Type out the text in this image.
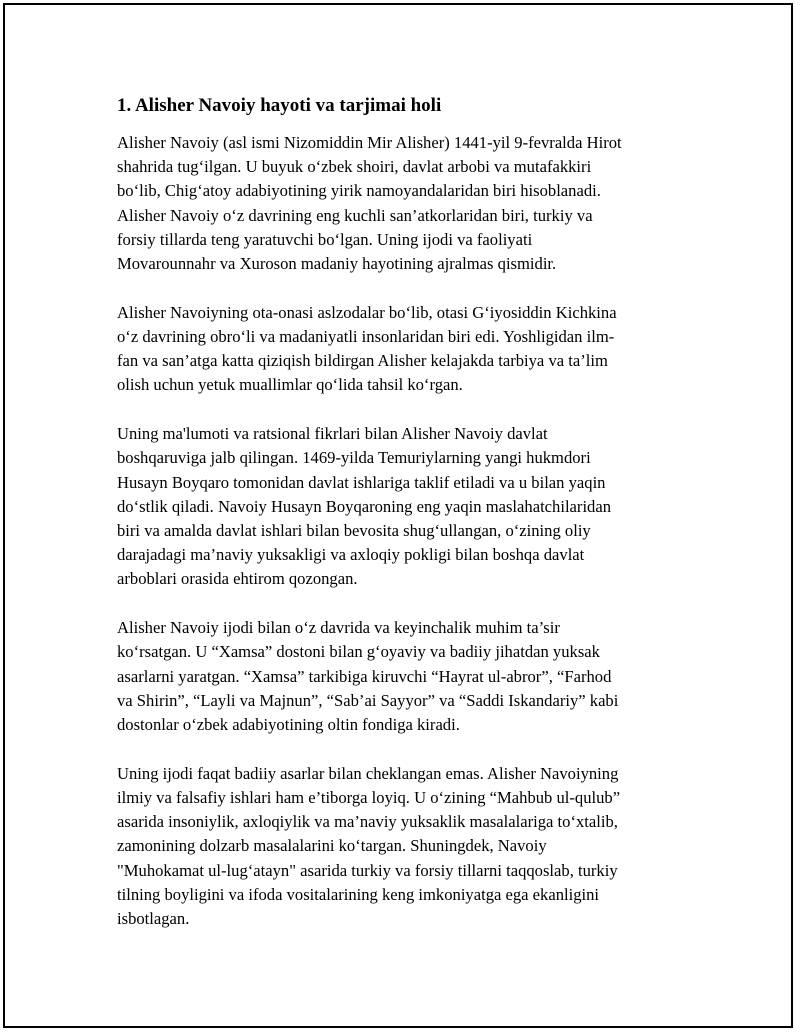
1. Alisher Navoiy hayoti va tarjimai holi

Alisher Navoiy (asl ismi Nizomiddin Mir Alisher) 1441-yil 9-fevralda Hirot
shahrida tug‘ilgan. U buyuk o‘zbek shoiri, davlat arbobi va mutafakkiri
bo‘lib, Chig‘atoy adabiyotining yirik namoyandalaridan biri hisoblanadi.
Alisher Navoiy o‘z davrining eng kuchli san’atkorlaridan biri, turkiy va
forsiy tillarda teng yaratuvchi bo‘lgan. Uning ijodi va faoliyati
Movarounnahr va Xuroson madaniy hayotining ajralmas qismidir.

Alisher Navoiyning ota-onasi aslzodalar bo‘lib, otasi G‘iyosiddin Kichkina
o‘z davrining obro‘li va madaniyatli insonlaridan biri edi. Yoshligidan ilm-
fan va san’atga katta qiziqish bildirgan Alisher kelajakda tarbiya va ta’lim
olish uchun yetuk muallimlar qo‘lida tahsil ko‘rgan.

Uning ma'lumoti va ratsional fikrlari bilan Alisher Navoiy davlat
boshqaruviga jalb qilingan. 1469-yilda Temuriylarning yangi hukmdori
Husayn Boyqaro tomonidan davlat ishlariga taklif etiladi va u bilan yaqin
do‘stlik qiladi. Navoiy Husayn Boyqaroning eng yaqin maslahatchilaridan
biri va amalda davlat ishlari bilan bevosita shug‘ullangan, o‘zining oliy
darajadagi ma’naviy yuksakligi va axloqiy pokligi bilan boshqa davlat
arboblari orasida ehtirom qozongan.

Alisher Navoiy ijodi bilan o‘z davrida va keyinchalik muhim ta’sir
ko‘rsatgan. U “Xamsa” dostoni bilan g‘oyaviy va badiiy jihatdan yuksak
asarlarni yaratgan. “Xamsa” tarkibiga kiruvchi “Hayrat ul-abror”, “Farhod
va Shirin”, “Layli va Majnun”, “Sab’ai Sayyor” va “Saddi Iskandariy” kabi
dostonlar o‘zbek adabiyotining oltin fondiga kiradi.

Uning ijodi faqat badiiy asarlar bilan cheklangan emas. Alisher Navoiyning
ilmiy va falsafiy ishlari ham e’tiborga loyiq. U o‘zining “Mahbub ul-qulub”
asarida insoniylik, axloqiylik va ma’naviy yuksaklik masalalariga to‘xtalib,
zamonining dolzarb masalalarini ko‘targan. Shuningdek, Navoiy
"Muhokamat ul-lug‘atayn" asarida turkiy va forsiy tillarni taqqoslab, turkiy
tilning boyligini va ifoda vositalarining keng imkoniyatga ega ekanligini
isbotlagan.
